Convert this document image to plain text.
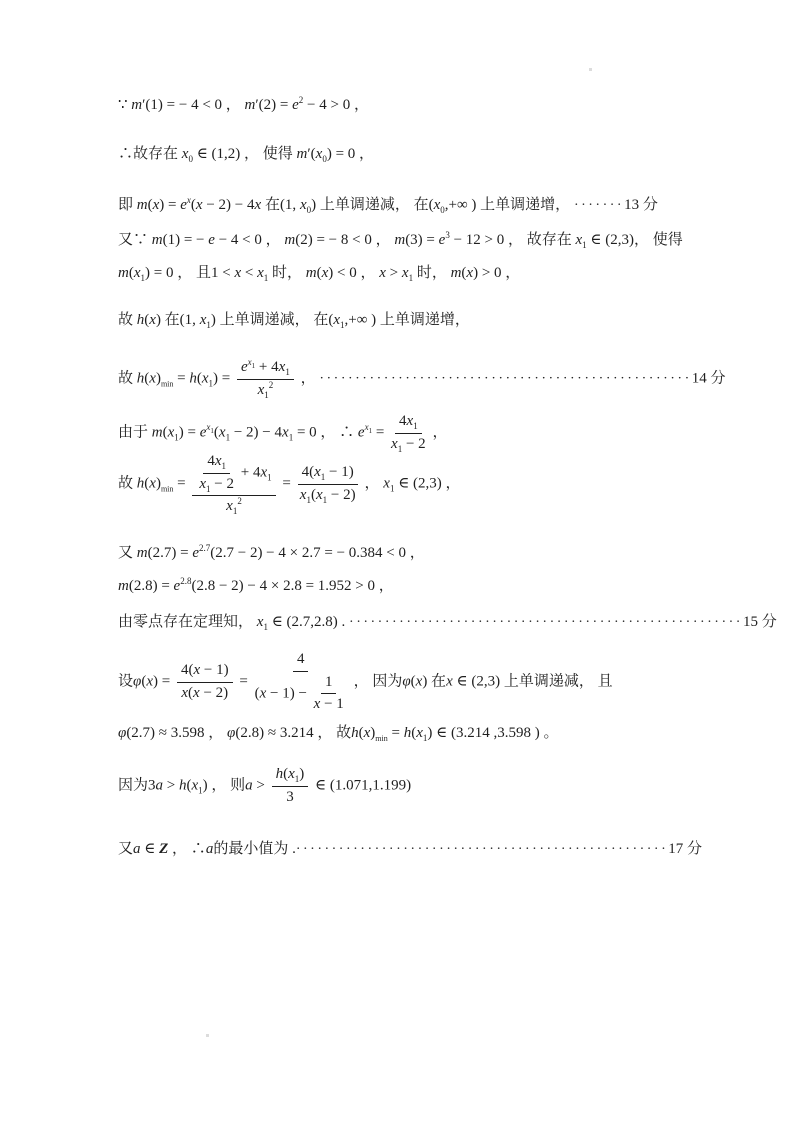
∵ m′(1) = − 4 < 0 ， $m'(2) = e^2 - 4 > 0$ ，
∴故存在 $x_0$ ∈ (1,2) ， 使得 $m'(x_0) = 0$ ，
即 $m(x) = e^x(x - 2) - 4x$ 在(1, $x_0$) 上单调递减， 在($x_0,+\infty$ ) 上单调递增， ·······13 分
又∵ m(1) = − e − 4 < 0 ， m(2) = − 8 < 0 ， $m(3) = e^3 - 12 > 0$ ， 故存在 $x_1$ ∈ (2,3)， 使得
$m(x_1) = 0$ ， 且$1 < x < x_1$ 时， m(x) < 0 ， $x > x_1$ 时， m(x) > 0 ，
故 h(x) 在(1, $x_1$) 上单调递减， 在($x_1,+\infty$ ) 上单调递增，
故 $h(x)_{min} = h(x_1) = \frac{e^{x_1} + 4x_1}{x_1^2}$ ， ····················································14 分
由于 $m(x_1) = e^{x_1}(x_1 - 2) - 4x_1 = 0$ ， ∴ $e^{x_1} = \frac{4x_1}{x_1 - 2}$ ，
故 $h(x)_{min} = \frac{\frac{4x_1}{x_1 - 2} + 4x_1}{x_1^2} = \frac{4(x_1 - 1)}{x_1(x_1 - 2)}$ ， $x_1$ ∈ (2,3) ，
又 $m(2.7) = e^{2.7}(2.7 - 2) - 4 \times 2.7$ = − 0.384 < 0 ，
$m(2.8) = e^{2.8}(2.8 - 2) - 4 \times 2.8 = 1.952 > 0$ ，
由零点存在定理知， $x_1$ ∈ (2.7,2.8) . ·······················································15 分
设$\varphi(x) = \frac{4(x - 1)}{x(x - 2)} = \frac{4}{(x - 1) - \frac{1}{x - 1}}$ ， 因为φ(x) 在x ∈ (2,3) 上单调递减， 且
φ(2.7) ≈ 3.598 ， φ(2.8) ≈ 3.214 ， 故$h(x)_{min} = h(x_1)$ ∈ (3.214 ,3.598 ) 。
因为$3a > h(x_1)$ ， 则$a > \frac{h(x_1)}{3}$ ∈ (1.071,1.199)
又a ∈ Z ， ∴a的最小值为 .····················································17 分
